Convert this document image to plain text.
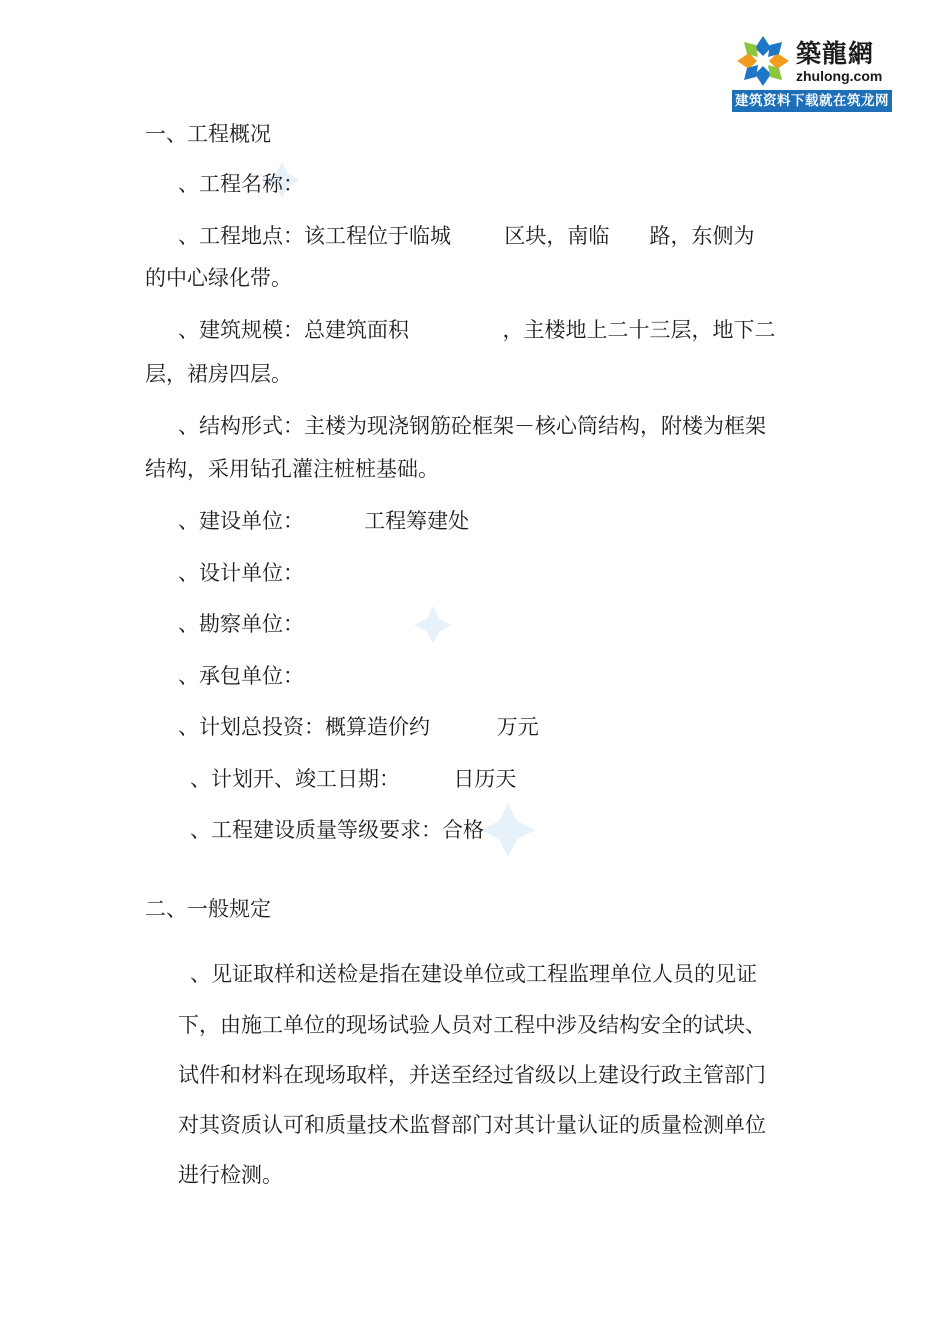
築龍網
zhulong.com
建筑资料下载就在筑龙网
一、工程概况
、工程名称：
、工程地点：该工程位于临城        区块，南临      路，东侧为
的中心绿化带。
、建筑规模：总建筑面积              ，主楼地上二十三层，地下二
层，裙房四层。
、结构形式：主楼为现浇钢筋砼框架－核心筒结构，附楼为框架
结构，采用钻孔灌注桩桩基础。
、建设单位：         工程筹建处
、设计单位：
、勘察单位：
、承包单位：
、计划总投资：概算造价约          万元
、计划开、竣工日期：        日历天
、工程建设质量等级要求：合格
二、一般规定
、见证取样和送检是指在建设单位或工程监理单位人员的见证
下，由施工单位的现场试验人员对工程中涉及结构安全的试块、
试件和材料在现场取样，并送至经过省级以上建设行政主管部门
对其资质认可和质量技术监督部门对其计量认证的质量检测单位
进行检测。
